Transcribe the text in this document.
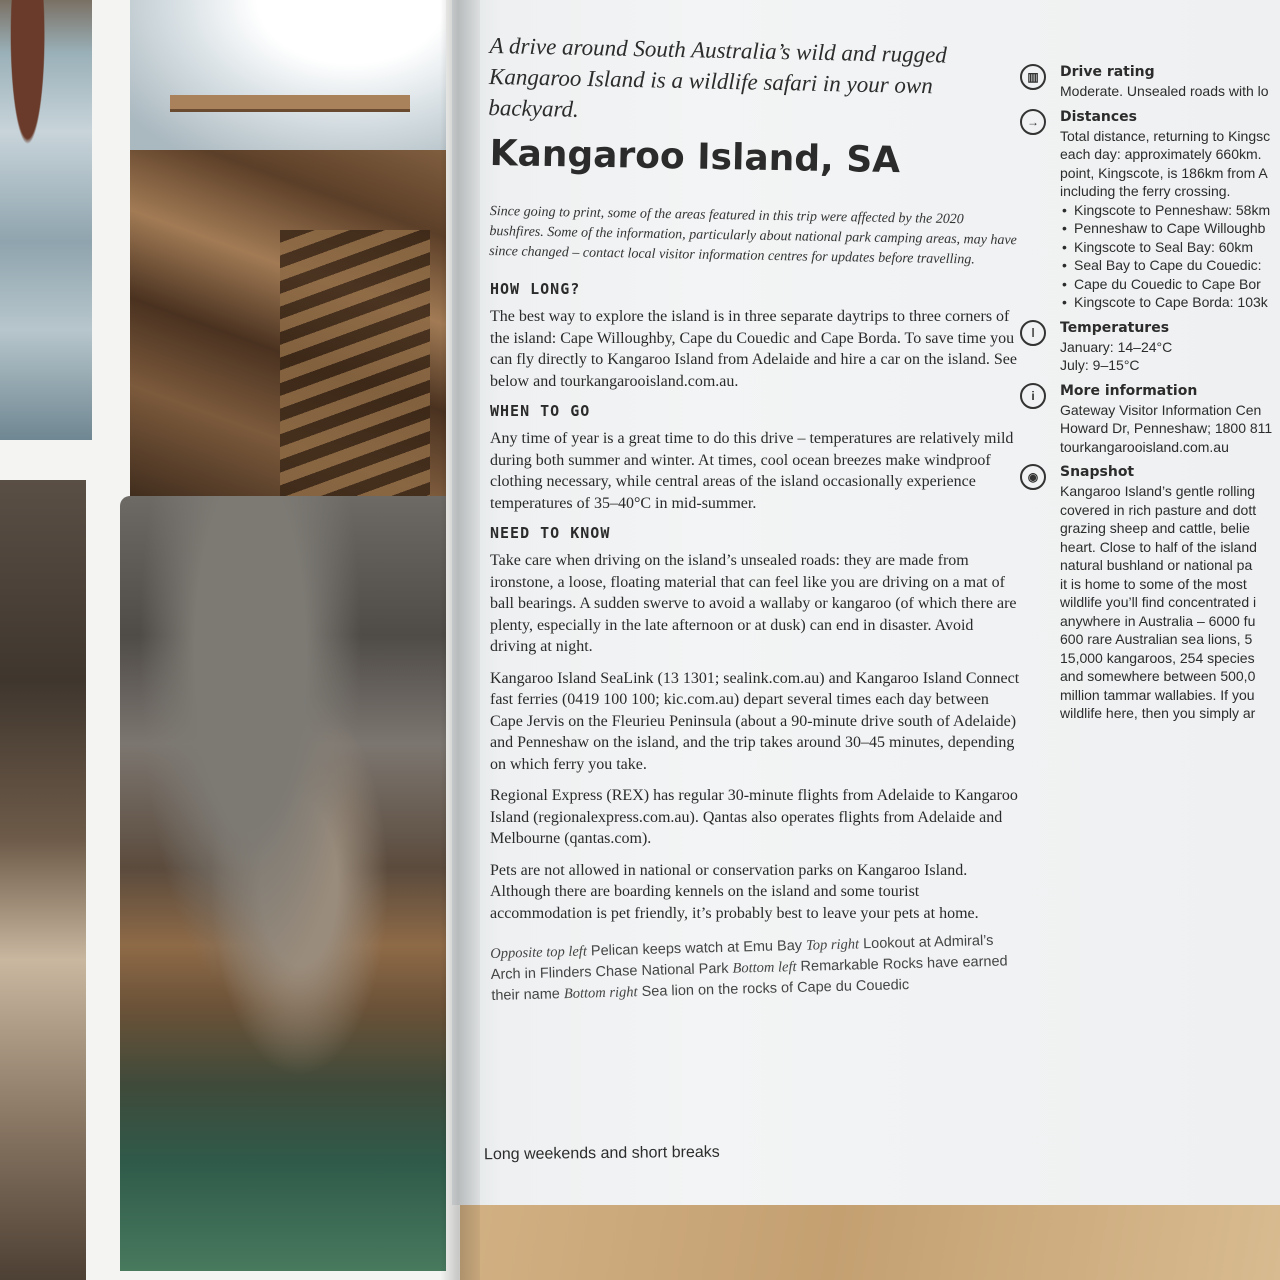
A drive around South Australia’s wild and rugged Kangaroo Island is a wildlife safari in your own backyard.

Kangaroo Island, SA

Since going to print, some of the areas featured in this trip were affected by the 2020 bushfires. Some of the information, particularly about national park camping areas, may have since changed – contact local visitor information centres for updates before travelling.

HOW LONG?

The best way to explore the island is in three separate daytrips to three corners of the island: Cape Willoughby, Cape du Couedic and Cape Borda. To save time you can fly directly to Kangaroo Island from Adelaide and hire a car on the island. See below and tourkangarooisland.com.au.

WHEN TO GO

Any time of year is a great time to do this drive – temperatures are relatively mild during both summer and winter. At times, cool ocean breezes make windproof clothing necessary, while central areas of the island occasionally experience temperatures of 35–40°C in mid-summer.

NEED TO KNOW

Take care when driving on the island’s unsealed roads: they are made from ironstone, a loose, floating material that can feel like you are driving on a mat of ball bearings. A sudden swerve to avoid a wallaby or kangaroo (of which there are plenty, especially in the late afternoon or at dusk) can end in disaster. Avoid driving at night.

Kangaroo Island SeaLink (13 1301; sealink.com.au) and Kangaroo Island Connect fast ferries (0419 100 100; kic.com.au) depart several times each day between Cape Jervis on the Fleurieu Peninsula (about a 90-minute drive south of Adelaide) and Penneshaw on the island, and the trip takes around 30–45 minutes, depending on which ferry you take.

Regional Express (REX) has regular 30-minute flights from Adelaide to Kangaroo Island (regionalexpress.com.au). Qantas also operates flights from Adelaide and Melbourne (qantas.com).

Pets are not allowed in national or conservation parks on Kangaroo Island. Although there are boarding kennels on the island and some tourist accommodation is pet friendly, it’s probably best to leave your pets at home.

Opposite top left Pelican keeps watch at Emu Bay Top right Lookout at Admiral’s Arch in Flinders Chase National Park Bottom left Remarkable Rocks have earned their name Bottom right Sea lion on the rocks of Cape du Couedic
Long weekends and short breaks
▥	Drive rating
Moderate. Unsealed roads with lo
→	Distances
Total distance, returning to Kingsc
each day: approximately 660km.
point, Kingscote, is 186km from A
including the ferry crossing.
• Kingscote to Penneshaw: 58km
• Penneshaw to Cape Willoughb
• Kingscote to Seal Bay: 60km
• Seal Bay to Cape du Couedic:
• Cape du Couedic to Cape Bor
• Kingscote to Cape Borda: 103k
ǀ	Temperatures
January: 14–24°C
July: 9–15°C
i	More information
Gateway Visitor Information Cen
Howard Dr, Penneshaw; 1800 811
tourkangarooisland.com.au
◉	Snapshot
Kangaroo Island’s gentle rolling
covered in rich pasture and dott
grazing sheep and cattle, belie
heart. Close to half of the island
natural bushland or national pa
it is home to some of the most
wildlife you’ll find concentrated i
anywhere in Australia – 6000 fu
600 rare Australian sea lions, 5
15,000 kangaroos, 254 species
and somewhere between 500,0
million tammar wallabies. If you
wildlife here, then you simply ar
